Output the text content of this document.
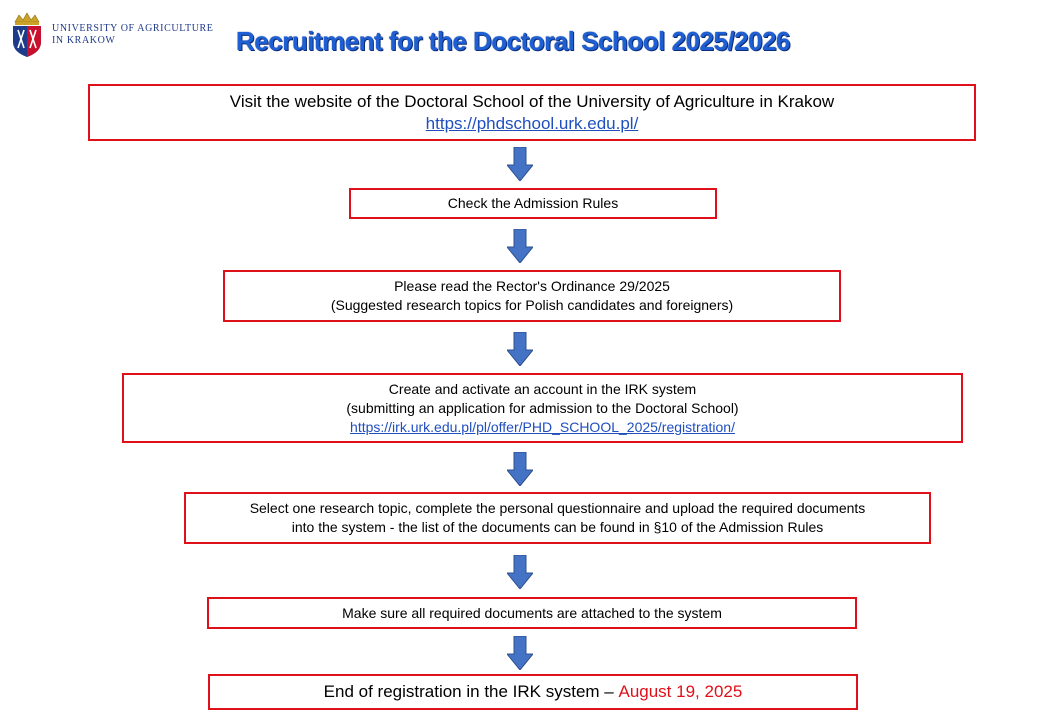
UNIVERSITY OF AGRICULTURE
IN KRAKOW	Recruitment for the Doctoral School 2025/2026
Visit the website of the Doctoral School of the University of Agriculture in Krakow
https://phdschool.urk.edu.pl/
Check the Admission Rules
Please read the Rector's Ordinance 29/2025
(Suggested research topics for Polish candidates and foreigners)
Create and activate an account in the IRK system
(submitting an application for admission to the Doctoral School)
https://irk.urk.edu.pl/pl/offer/PHD_SCHOOL_2025/registration/
Select one research topic, complete the personal questionnaire and upload the required documents
into the system - the list of the documents can be found in §10 of the Admission Rules
Make sure all required documents are attached to the system
End of registration in the IRK system – August 19, 2025
